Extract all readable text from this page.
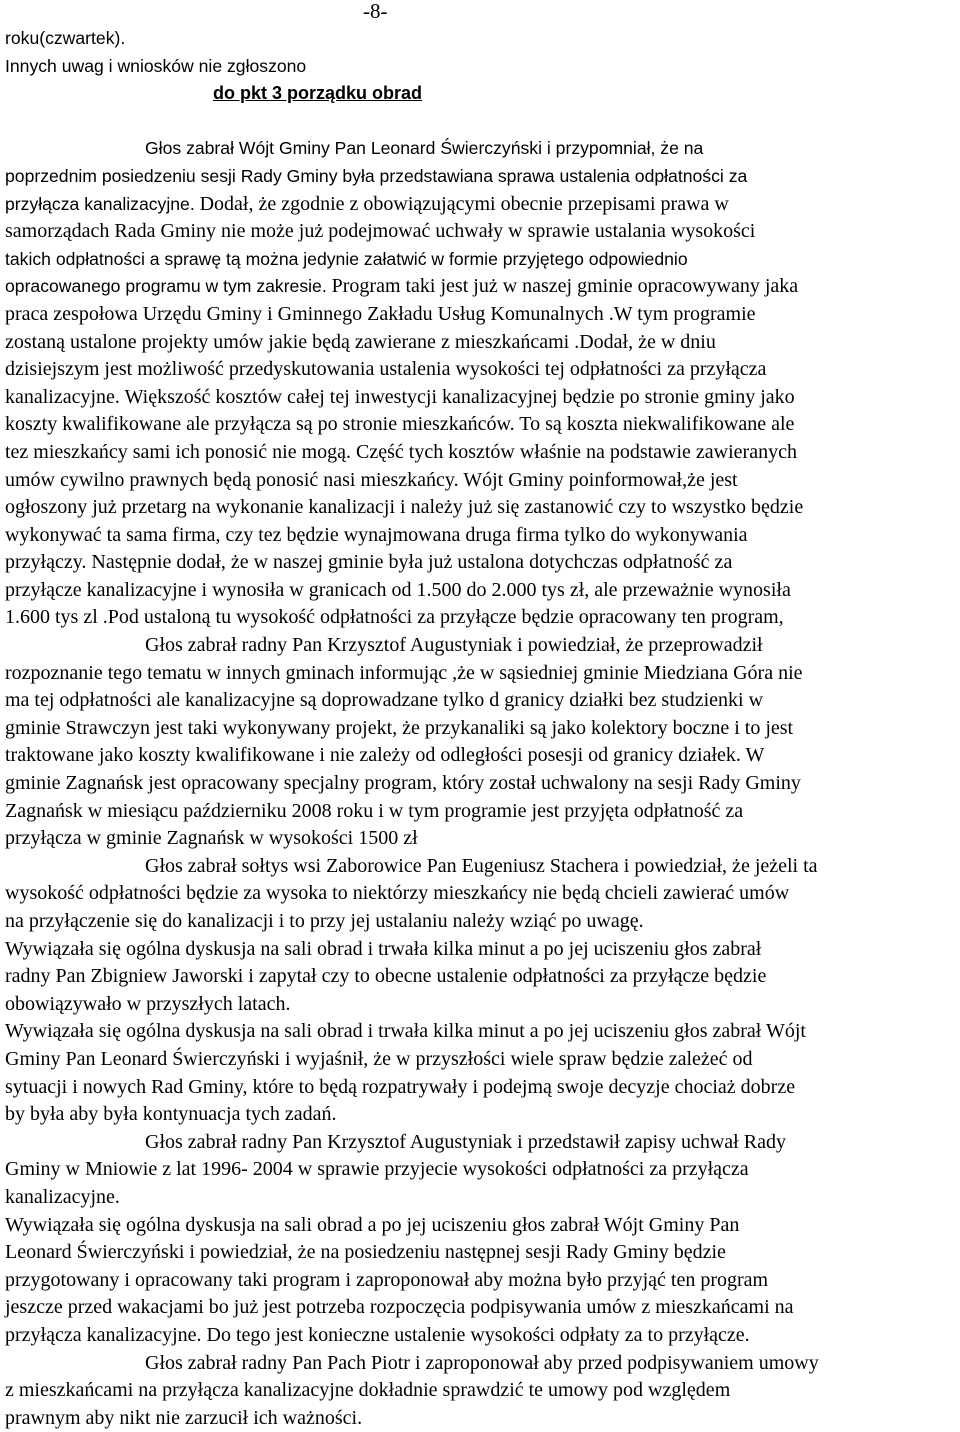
-8-
roku(czwartek).
Innych uwag i wniosków nie zgłoszono
do pkt 3 porządku obrad
Głos zabrał Wójt Gminy Pan Leonard Świerczyński i przypomniał, że na
poprzednim posiedzeniu sesji Rady Gminy była przedstawiana sprawa ustalenia odpłatności za
przyłącza kanalizacyjne. Dodał, że zgodnie z obowiązującymi obecnie przepisami prawa w
samorządach Rada Gminy nie może już podejmować uchwały w sprawie ustalania wysokości
takich odpłatności a sprawę tą można jedynie załatwić w formie przyjętego odpowiednio
opracowanego programu w tym zakresie. Program taki jest już w naszej gminie opracowywany jaka
praca zespołowa Urzędu Gminy i Gminnego Zakładu Usług Komunalnych .W tym programie
zostaną ustalone projekty umów jakie będą zawierane z mieszkańcami .Dodał, że w dniu
dzisiejszym jest możliwość przedyskutowania ustalenia wysokości tej odpłatności za przyłącza
kanalizacyjne. Większość kosztów całej tej inwestycji kanalizacyjnej będzie po stronie gminy jako
koszty kwalifikowane ale przyłącza są po stronie mieszkańców. To są koszta niekwalifikowane ale
tez mieszkańcy sami ich ponosić nie mogą. Część tych kosztów właśnie na podstawie zawieranych
umów cywilno prawnych będą ponosić nasi mieszkańcy. Wójt Gminy poinformował,że jest
ogłoszony już przetarg na wykonanie kanalizacji i należy już się zastanowić czy to wszystko będzie
wykonywać ta sama firma, czy tez będzie wynajmowana druga firma tylko do wykonywania
przyłączy. Następnie dodał, że w naszej gminie była już ustalona dotychczas odpłatność za
przyłącze kanalizacyjne i wynosiła w granicach od 1.500 do 2.000 tys zł, ale przeważnie wynosiła
1.600 tys zl .Pod ustaloną tu wysokość odpłatności za przyłącze będzie opracowany ten program,
Głos zabrał radny Pan Krzysztof Augustyniak i powiedział, że przeprowadził
rozpoznanie tego tematu w innych gminach informując ,że w sąsiedniej gminie Miedziana Góra nie
ma tej odpłatności ale kanalizacyjne są doprowadzane tylko d granicy działki bez studzienki w
gminie Strawczyn jest taki wykonywany projekt, że przykanaliki są jako kolektory boczne i to jest
traktowane jako koszty kwalifikowane i nie zależy od odległości posesji od granicy działek. W
gminie Zagnańsk jest opracowany specjalny program, który został uchwalony na sesji Rady Gminy
Zagnańsk w miesiącu październiku 2008 roku i w tym programie jest przyjęta odpłatność za
przyłącza w gminie Zagnańsk w wysokości 1500 zł
Głos zabrał sołtys wsi Zaborowice Pan Eugeniusz Stachera i powiedział, że jeżeli ta
wysokość odpłatności będzie za wysoka to niektórzy mieszkańcy nie będą chcieli zawierać umów
na przyłączenie się do kanalizacji i to przy jej ustalaniu należy wziąć po uwagę.
Wywiązała się ogólna dyskusja na sali obrad i trwała kilka minut a po jej uciszeniu głos zabrał
radny Pan Zbigniew Jaworski i zapytał czy to obecne ustalenie odpłatności za przyłącze będzie
obowiązywało w przyszłych latach.
Wywiązała się ogólna dyskusja na sali obrad i trwała kilka minut a po jej uciszeniu głos zabrał Wójt
Gminy Pan Leonard Świerczyński i wyjaśnił, że w przyszłości wiele spraw będzie zależeć od
sytuacji i nowych Rad Gminy, które to będą rozpatrywały i podejmą swoje decyzje chociaż dobrze
by była aby była kontynuacja tych zadań.
Głos zabrał radny Pan Krzysztof Augustyniak i przedstawił zapisy uchwał Rady
Gminy w Mniowie z lat 1996- 2004 w sprawie przyjecie wysokości odpłatności za przyłącza
kanalizacyjne.
Wywiązała się ogólna dyskusja na sali obrad a po jej uciszeniu głos zabrał Wójt Gminy Pan
Leonard Świerczyński i powiedział, że na posiedzeniu następnej sesji Rady Gminy będzie
przygotowany i opracowany taki program i zaproponował aby można było przyjąć ten program
jeszcze przed wakacjami bo już jest potrzeba rozpoczęcia podpisywania umów z mieszkańcami na
przyłącza kanalizacyjne. Do tego jest konieczne ustalenie wysokości odpłaty za to przyłącze.
Głos zabrał radny Pan Pach Piotr i zaproponował aby przed podpisywaniem umowy
z mieszkańcami na przyłącza kanalizacyjne dokładnie sprawdzić te umowy pod względem
prawnym aby nikt nie zarzucił ich ważności.
